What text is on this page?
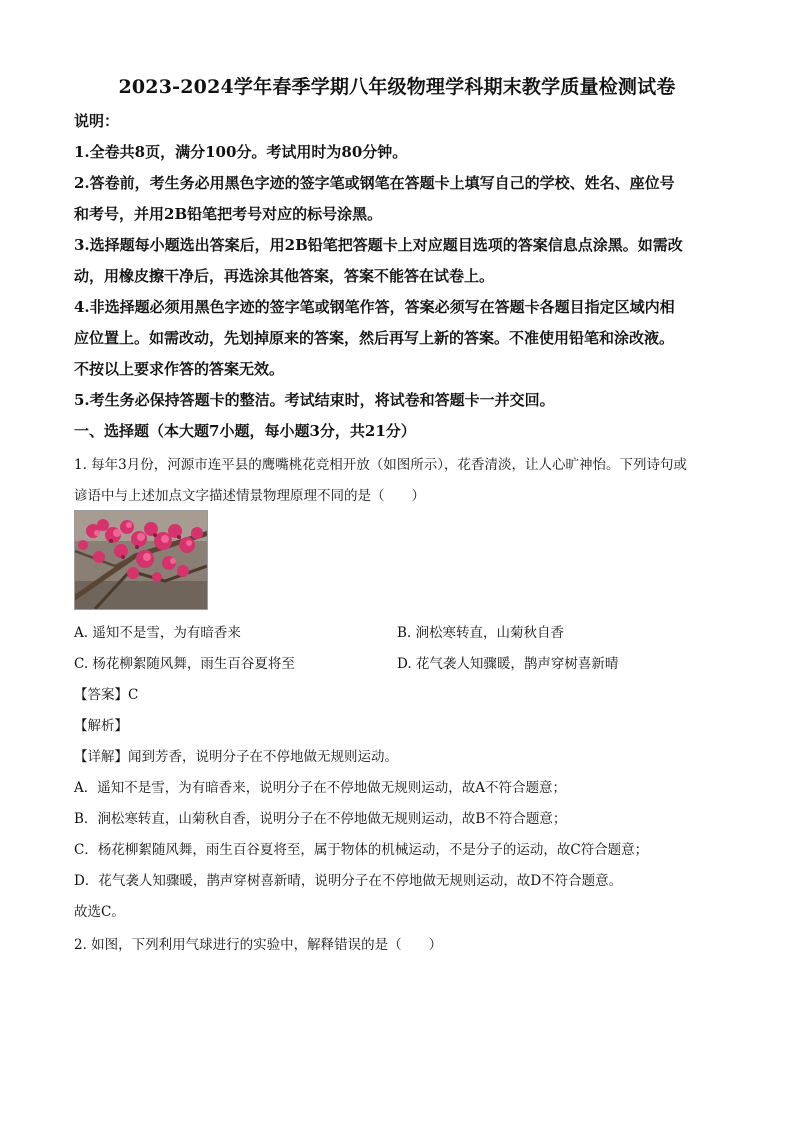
2023-2024学年春季学期八年级物理学科期末教学质量检测试卷
说明：
1.全卷共8页，满分100分。考试用时为80分钟。
2.答卷前，考生务必用黑色字迹的签字笔或钢笔在答题卡上填写自己的学校、姓名、座位号
和考号，并用2B铅笔把考号对应的标号涂黑。
3.选择题每小题选出答案后，用2B铅笔把答题卡上对应题目选项的答案信息点涂黑。如需改
动，用橡皮擦干净后，再选涂其他答案，答案不能答在试卷上。
4.非选择题必须用黑色字迹的签字笔或钢笔作答，答案必须写在答题卡各题目指定区域内相
应位置上。如需改动，先划掉原来的答案，然后再写上新的答案。不准使用铅笔和涂改液。
不按以上要求作答的答案无效。
5.考生务必保持答题卡的整洁。考试结束时，将试卷和答题卡一并交回。
一、选择题（本大题7小题，每小题3分，共21分）
1. 每年3月份，河源市连平县的鹰嘴桃花竞相开放（如图所示），花香清淡，让人心旷神怡。下列诗句或
谚语中与上述加点文字描述情景物理原理不同的是（　　）
A. 遥知不是雪，为有暗香来	B. 涧松寒转直，山菊秋自香
C. 杨花柳絮随风舞，雨生百谷夏将至	D. 花气袭人知骤暖，鹊声穿树喜新晴
【答案】C
【解析】
【详解】闻到芳香，说明分子在不停地做无规则运动。
A．遥知不是雪，为有暗香来，说明分子在不停地做无规则运动，故A不符合题意；
B．涧松寒转直，山菊秋自香，说明分子在不停地做无规则运动，故B不符合题意；
C．杨花柳絮随风舞，雨生百谷夏将至，属于物体的机械运动，不是分子的运动，故C符合题意；
D．花气袭人知骤暖，鹊声穿树喜新晴，说明分子在不停地做无规则运动，故D不符合题意。
故选C。
2. 如图，下列利用气球进行的实验中，解释错误的是（　　）
